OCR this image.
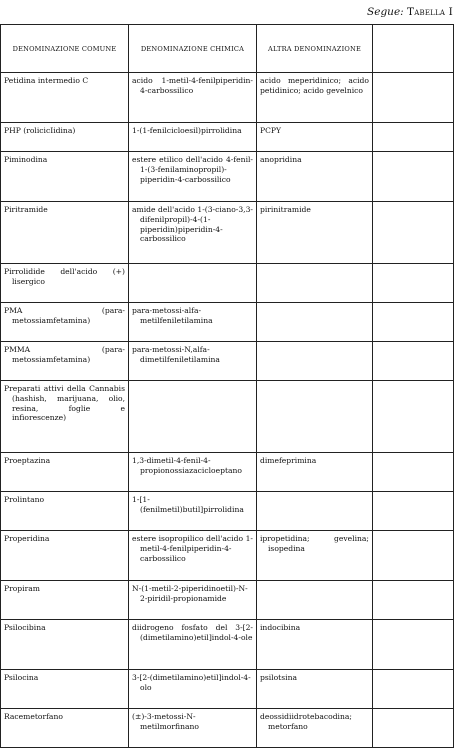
Segue: Tabella I
DENOMINAZIONE COMUNE	DENOMINAZIONE CHIMICA	ALTRA DENOMINAZIONE	
Petidina intermedio C	acido 1-metil-4-fenilpiperidin-4-carbossilico	acido meperidinico; acido petidinico; acido gevelnico	
PHP (rolicicIidina)	1-(1-fenilcicloesil)pirrolidina	PCPY	
Piminodina	estere etilico dell'acido 4-fenil-1-(3-fenilaminopropil)-piperidin-4-carbossilico	anopridina	
Piritramide	amide dell'acido 1-(3-ciano-3,3-difenilpropil)-4-(1-piperidin)piperidin-4-carbossilico	pirinitramide	

Pirrolidide dell'acido (+) lisergico			

PMA (para-metossiamfetamina)	para-metossi-alfa-metilfeniletilamina		

PMMA (para-metossiamfetamina)	para-metossi-N,alfa-dimetilfeniletilamina		

Preparati attivi della Cannabis (hashish, marijuana, olio, resina, foglie e infiorescenze)			

Proeptazina	1,3-dimetil-4-fenil-4-propionossiazacicloeptano	dimefeprimina	
Prolintano	1-[1-(fenilmetil)butil]pirrolidina		

Properidina	estere isopropilico dell'acido 1-metil-4-fenilpiperidin-4-carbossilico	ipropetidina; gevelina; isopedina	

Propiram	N-(1-metil-2-piperidinoetil)-N-2-piridil-propionamide		

Psilocibina	diidrogeno fosfato del 3-[2-(dimetilamino)etil]indol-4-ole	indocibina	
Psilocina	3-[2-(dimetilamino)etil]indol-4-olo	psilotsina	
Racemetorfano	(±)-3-metossi-N-metilmorfinano	deossidiidrotebacodina; metorfano	
